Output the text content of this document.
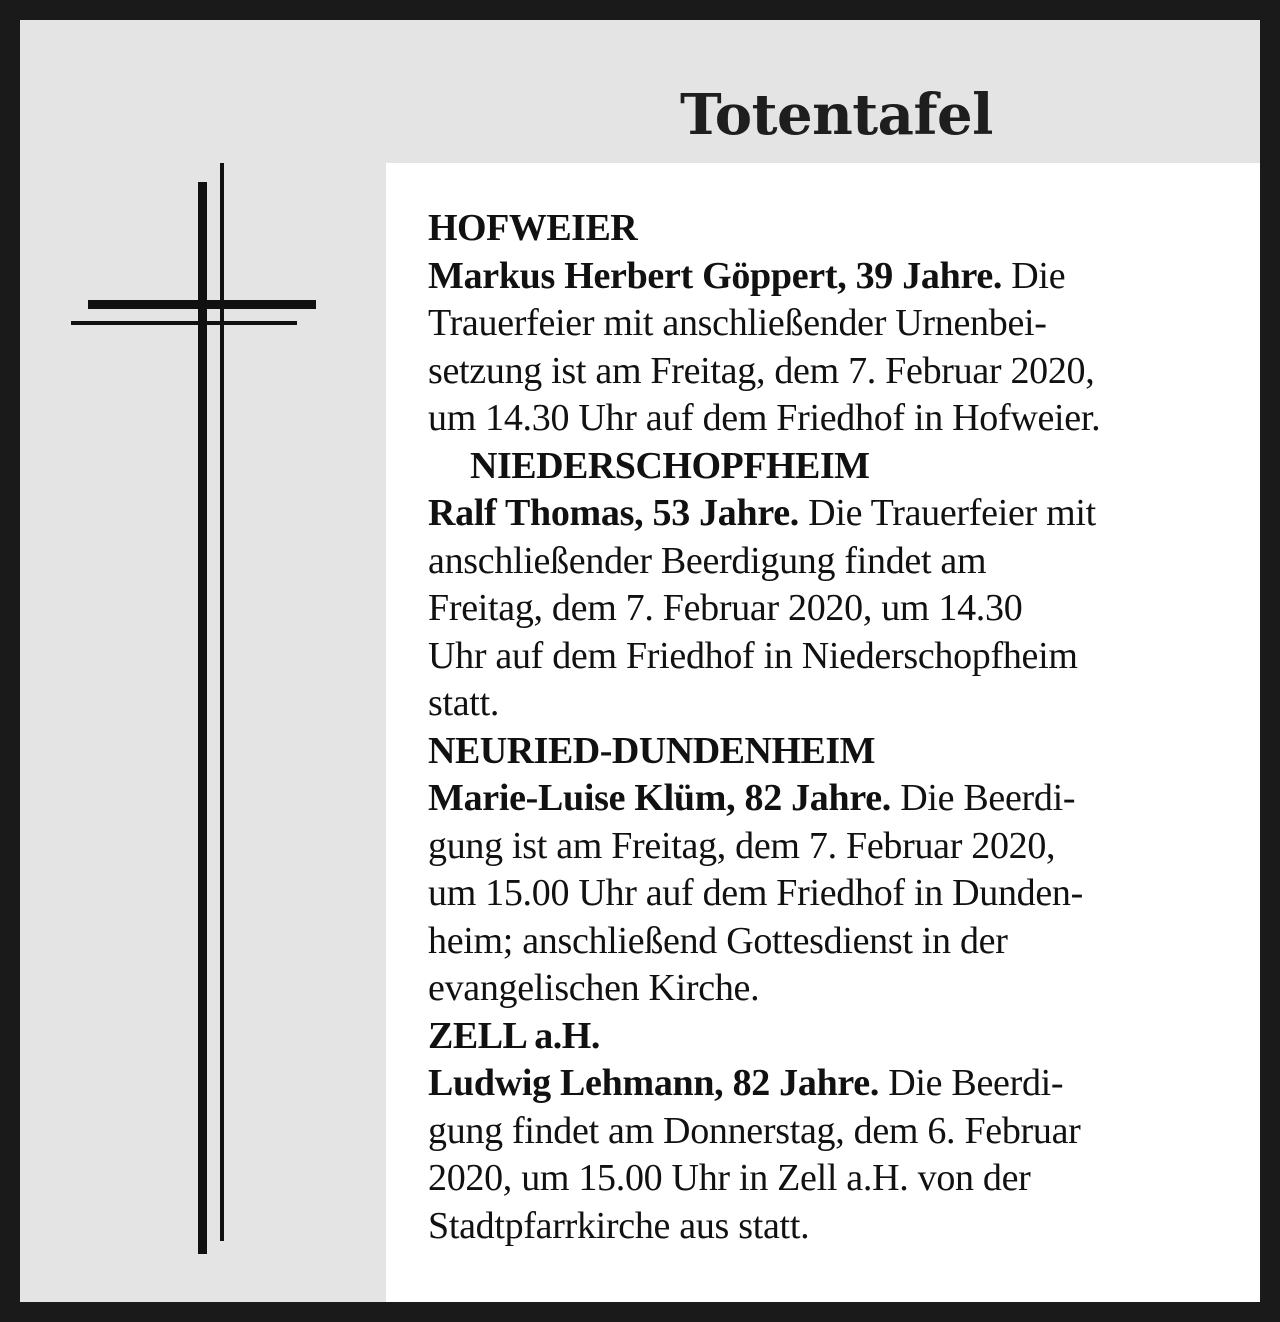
Totentafel
HOFWEIER
Markus Herbert Göppert, 39 Jahre. Die
Trauerfeier mit anschließender Urnenbei-
setzung ist am Freitag, dem 7. Februar 2020,
um 14.30 Uhr auf dem Friedhof in Hofweier.
NIEDERSCHOPFHEIM
Ralf Thomas, 53 Jahre. Die Trauerfeier mit
anschließender Beerdigung findet am
Freitag, dem 7. Februar 2020, um 14.30
Uhr auf dem Friedhof in Niederschopfheim
statt.
NEURIED-DUNDENHEIM
Marie-Luise Klüm, 82 Jahre. Die Beerdi-
gung ist am Freitag, dem 7. Februar 2020,
um 15.00 Uhr auf dem Friedhof in Dunden-
heim; anschließend Gottesdienst in der
evangelischen Kirche.
ZELL a.H.
Ludwig Lehmann, 82 Jahre. Die Beerdi-
gung findet am Donnerstag, dem 6. Februar
2020, um 15.00 Uhr in Zell a.H. von der
Stadtpfarrkirche aus statt.
